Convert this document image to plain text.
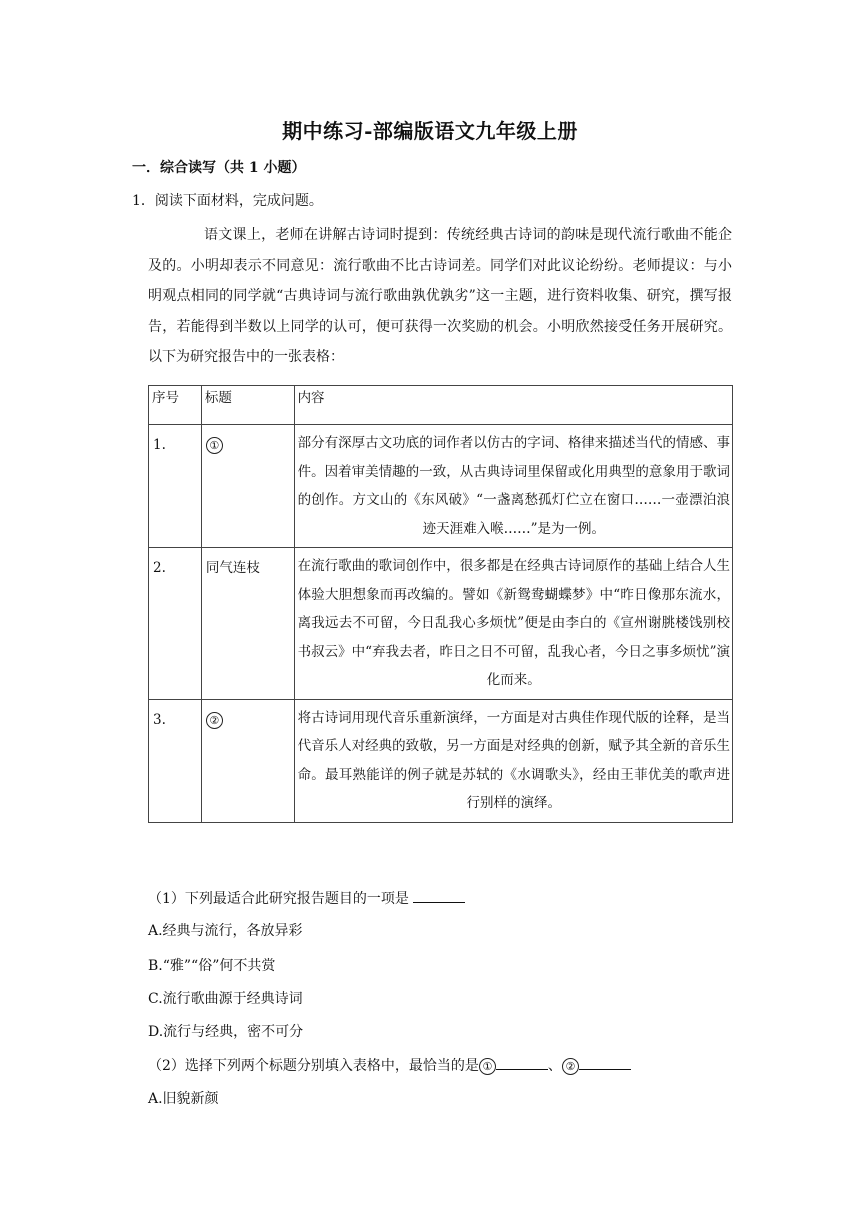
期中练习-部编版语文九年级上册
一．综合读写（共 1 小题）
1．阅读下面材料，完成问题。

语文课上，老师在讲解古诗词时提到：传统经典古诗词的韵味是现代流行歌曲不能企及的。小明却表示不同意见：流行歌曲不比古诗词差。同学们对此议论纷纷。老师提议：与小明观点相同的同学就“古典诗词与流行歌曲孰优孰劣”这一主题，进行资料收集、研究，撰写报告，若能得到半数以上同学的认可，便可获得一次奖励的机会。小明欣然接受任务开展研究。以下为研究报告中的一张表格：

序号	标题	内容

1.	①	部分有深厚古文功底的词作者以仿古的字词、格律来描述当代的情感、事件。因着审美情趣的一致，从古典诗词里保留或化用典型的意象用于歌词的创作。方文山的《东风破》“一盏离愁孤灯伫立在窗口……一壶漂泊浪迹天涯难入喉……”是为一例。

2.	同气连枝	在流行歌曲的歌词创作中，很多都是在经典古诗词原作的基础上结合人生体验大胆想象而再改编的。譬如《新鸳鸯蝴蝶梦》中“昨日像那东流水，离我远去不可留，今日乱我心多烦忧”便是由李白的《宣州谢朓楼饯别校书叔云》中“弃我去者，昨日之日不可留，乱我心者，今日之事多烦忧”演化而来。

3.	②	将古诗词用现代音乐重新演绎，一方面是对古典佳作现代版的诠释，是当代音乐人对经典的致敬，另一方面是对经典的创新，赋予其全新的音乐生命。最耳熟能详的例子就是苏轼的《水调歌头》，经由王菲优美的歌声进行别样的演绎。
（1）下列最适合此研究报告题目的一项是
A.经典与流行，各放异彩
B.“雅”“俗”何不共赏
C.流行歌曲源于经典诗词
D.流行与经典，密不可分
（2）选择下列两个标题分别填入表格中，最恰当的是 ①	、 ②
A.旧貌新颜
